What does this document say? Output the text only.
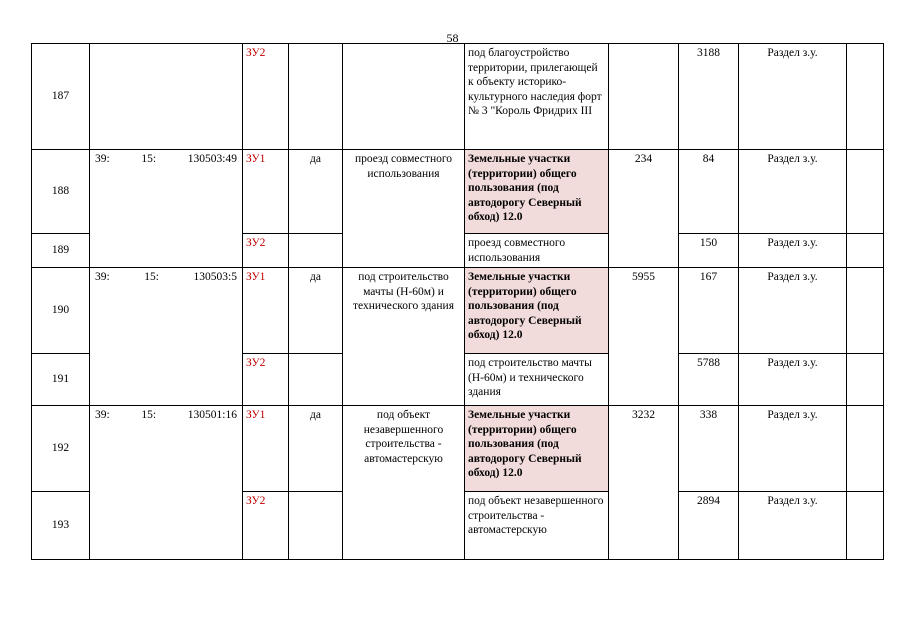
58
187		ЗУ2			под благоустройство территории, прилегающей к объекту историко-культурного наследия форт № 3 "Король Фридрих III		3188	Раздел з.у.	
188	39: 15: 130503:49	ЗУ1	да	проезд совместного использования	Земельные участки (территории) общего пользования (под автодорогу Северный обход) 12.0	234	84	Раздел з.у.	
189		ЗУ2			проезд совместного использования		150	Раздел з.у.	
190	39: 15: 130503:5	ЗУ1	да	под строительство мачты (Н-60м) и технического здания	Земельные участки (территории) общего пользования (под автодорогу Северный обход) 12.0	5955	167	Раздел з.у.	
191		ЗУ2			под строительство мачты (Н-60м) и технического здания		5788	Раздел з.у.	
192	39: 15: 130501:16	ЗУ1	да	под объект незавершенного строительства - автомастерскую	Земельные участки (территории) общего пользования (под автодорогу Северный обход) 12.0	3232	338	Раздел з.у.	
193		ЗУ2			под объект незавершенного строительства - автомастерскую		2894	Раздел з.у.	
